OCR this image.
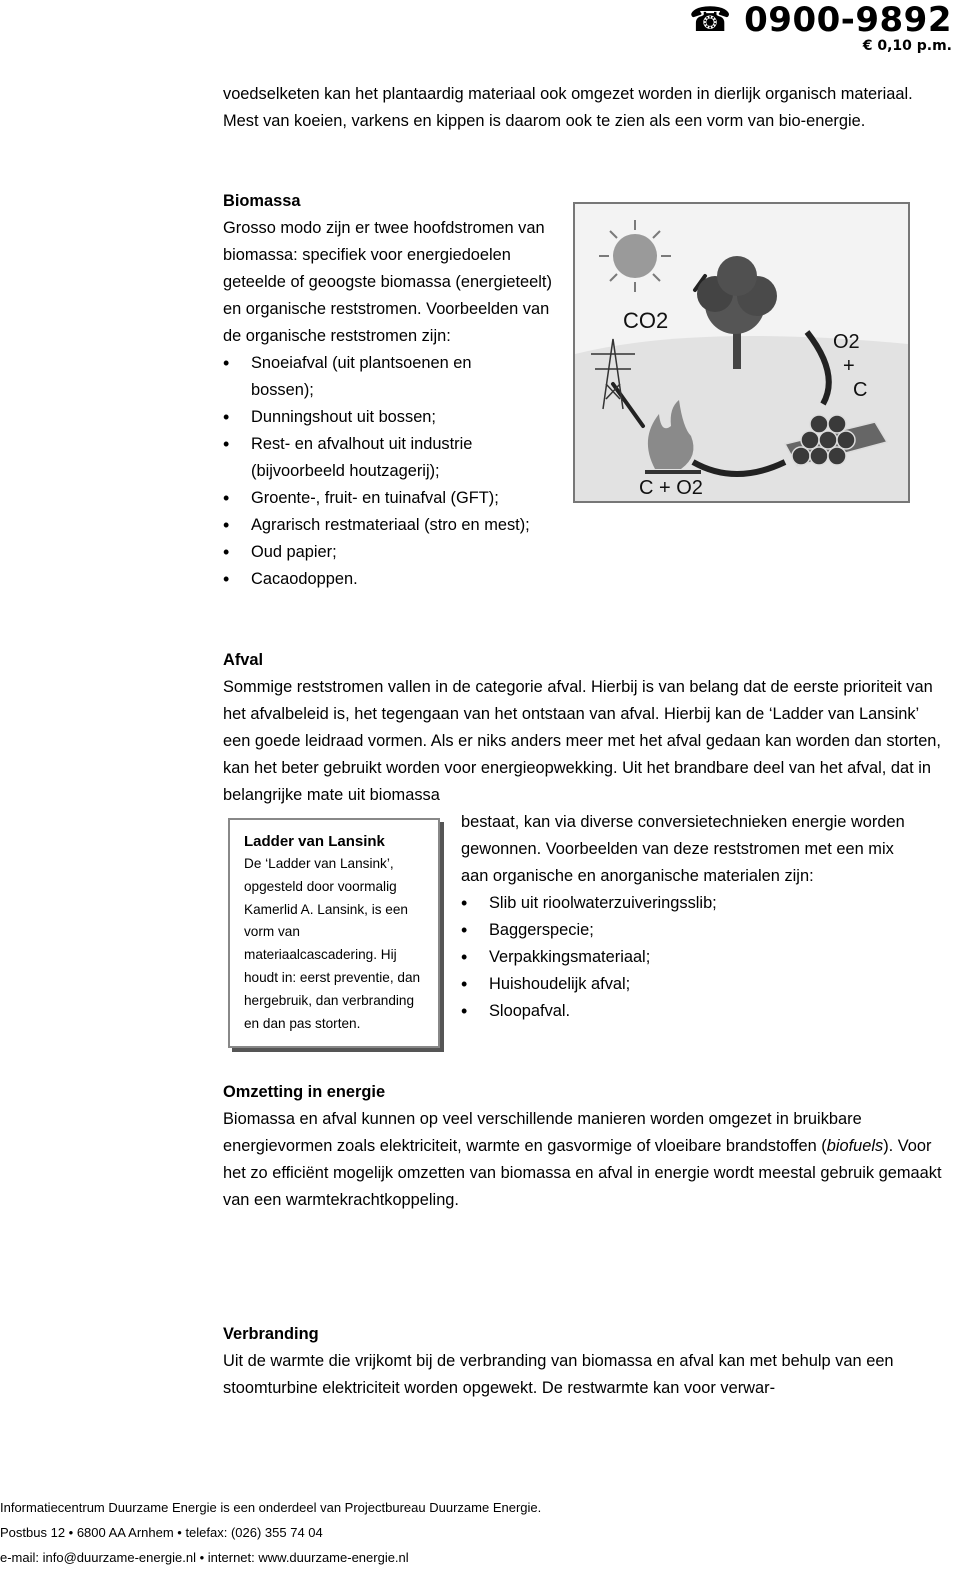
☎ 0900-9892
€ 0,10 p.m.

voedselketen kan het plantaardig materiaal ook omgezet worden in dierlijk organisch materiaal. Mest van koeien, varkens en kippen is daarom ook te zien als een vorm van bio-energie.

Biomassa
Grosso modo zijn er twee hoofdstromen van biomassa: specifiek voor energiedoelen geteelde of geoogste biomassa (energieteelt) en organische reststromen. Voorbeelden van de organische reststromen zijn:
• Snoeiafval (uit plantsoenen en bossen);
• Dunningshout uit bossen;
• Rest- en afvalhout uit industrie (bijvoorbeeld houtzagerij);
• Groente-, fruit- en tuinafval (GFT);
• Agrarisch restmateriaal (stro en mest);
• Oud papier;
• Cacaodoppen.
CO2
O2
+
C
C + O2
Afval
Sommige reststromen vallen in de categorie afval. Hierbij is van belang dat de eerste prioriteit van het afvalbeleid is, het tegengaan van het ontstaan van afval. Hierbij kan de ‘Ladder van Lansink’ een goede leidraad vormen. Als er niks anders meer met het afval gedaan kan worden dan storten, kan het beter gebruikt worden voor energieopwekking. Uit het brandbare deel van het afval, dat in belangrijke mate uit biomassa
bestaat, kan via diverse conversietechnieken energie worden gewonnen. Voorbeelden van deze reststromen met een mix aan organische en anorganische materialen zijn:
• Slib uit rioolwaterzuiveringsslib;
• Baggerspecie;
• Verpakkingsmateriaal;
• Huishoudelijk afval;
• Sloopafval.
Ladder van Lansink
De ‘Ladder van Lansink’, opgesteld door voormalig Kamerlid A. Lansink, is een vorm van materiaalcascadering. Hij houdt in: eerst preventie, dan hergebruik, dan verbranding en dan pas storten.
Omzetting in energie
Biomassa en afval kunnen op veel verschillende manieren worden omgezet in bruikbare energievormen zoals elektriciteit, warmte en gasvormige of vloeibare brandstoffen (biofuels). Voor het zo efficiënt mogelijk omzetten van biomassa en afval in energie wordt meestal gebruik gemaakt van een warmtekrachtkoppeling.
Verbranding
Uit de warmte die vrijkomt bij de verbranding van biomassa en afval kan met behulp van een stoomturbine elektriciteit worden opgewekt. De restwarmte kan voor verwar-
Informatiecentrum Duurzame Energie is een onderdeel van Projectbureau Duurzame Energie.
Postbus 12 • 6800 AA Arnhem • telefax: (026) 355 74 04
e-mail: info@duurzame-energie.nl • internet: www.duurzame-energie.nl
